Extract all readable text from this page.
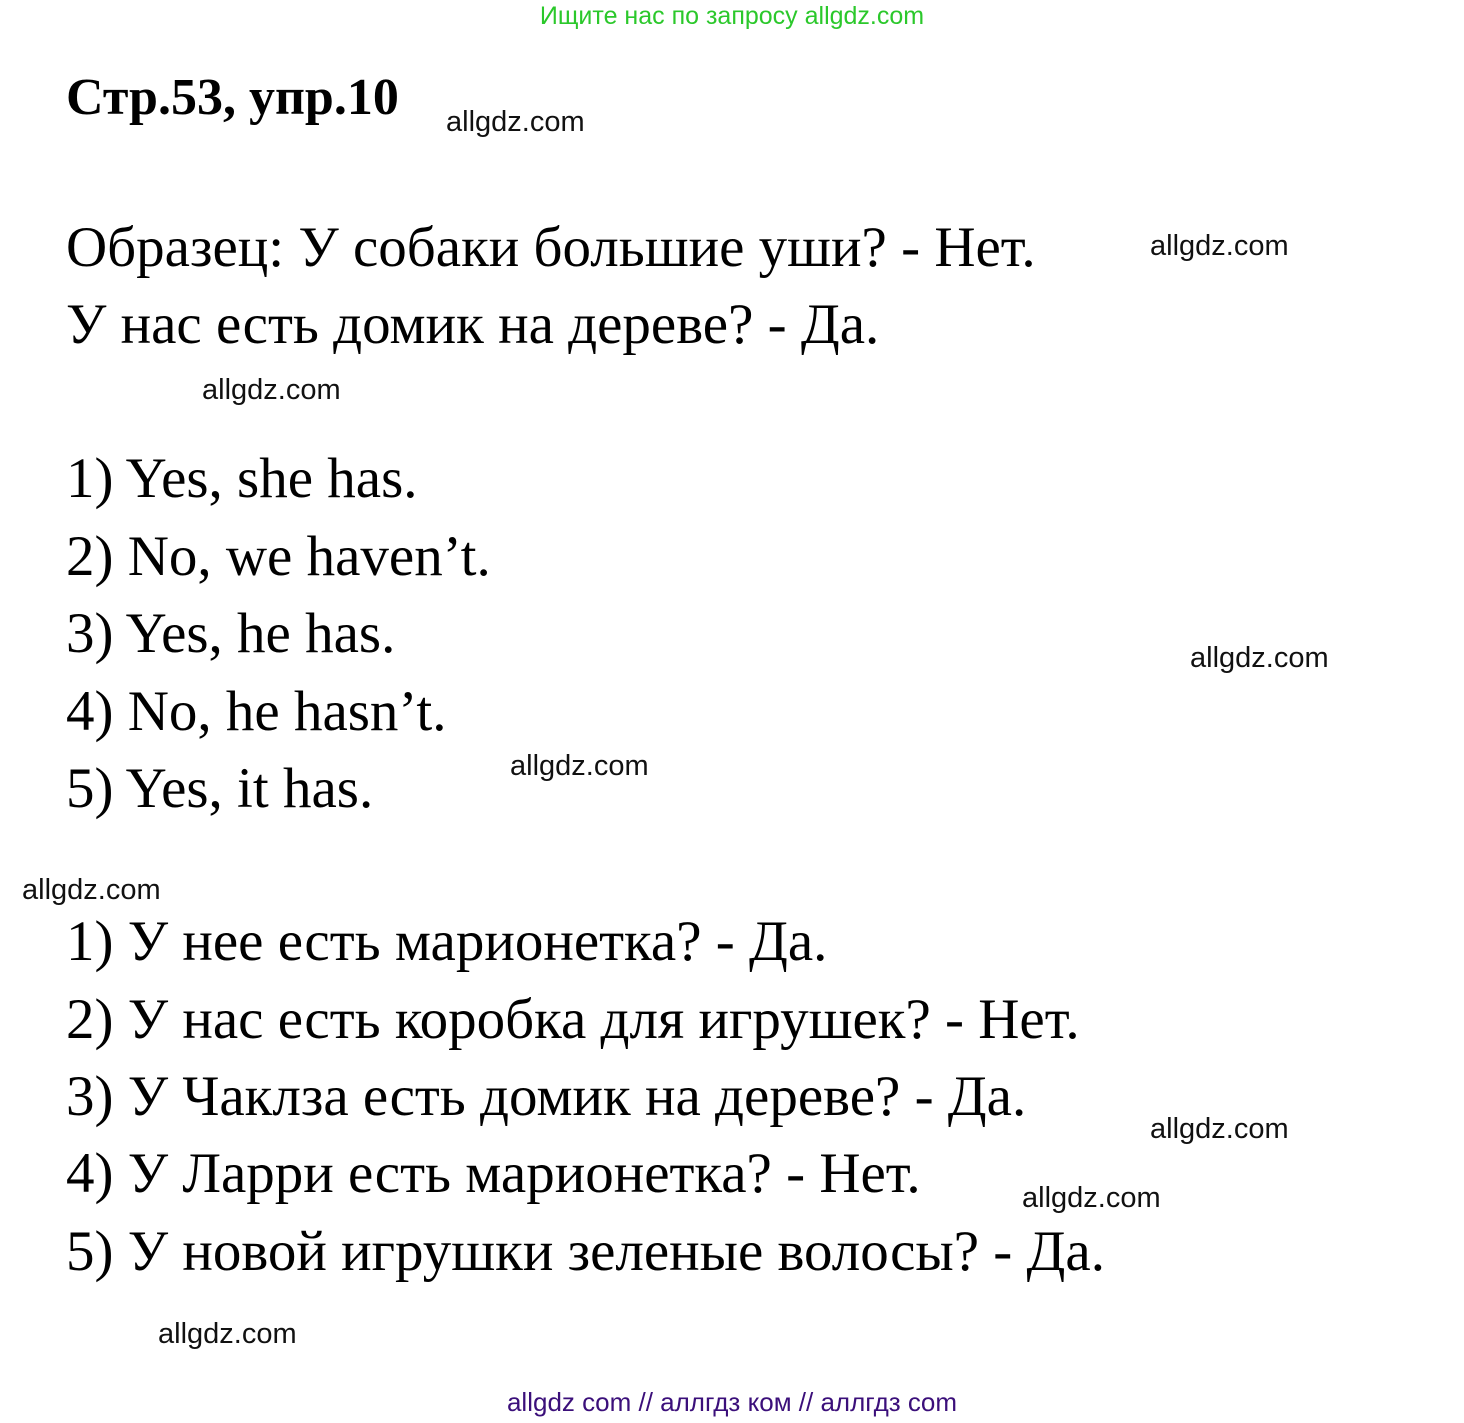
Ищите нас по запросу allgdz.com
Стр.53, упр.10
Образец: У собаки большие уши? - Нет.
У нас есть домик на дереве? - Да.
1) Yes, she has.
2) No, we haven’t.
3) Yes, he has.
4) No, he hasn’t.
5) Yes, it has.
1) У нее есть марионетка? - Да.
2) У нас есть коробка для игрушек? - Нет.
3) У Чаклза есть домик на дереве? - Да.
4) У Ларри есть марионетка? - Нет.
5) У новой игрушки зеленые волосы? - Да.
allgdz.com
allgdz.com
allgdz.com
allgdz.com
allgdz.com
allgdz.com
allgdz.com
allgdz.com
allgdz.com
allgdz com // аллгдз ком // аллгдз com
